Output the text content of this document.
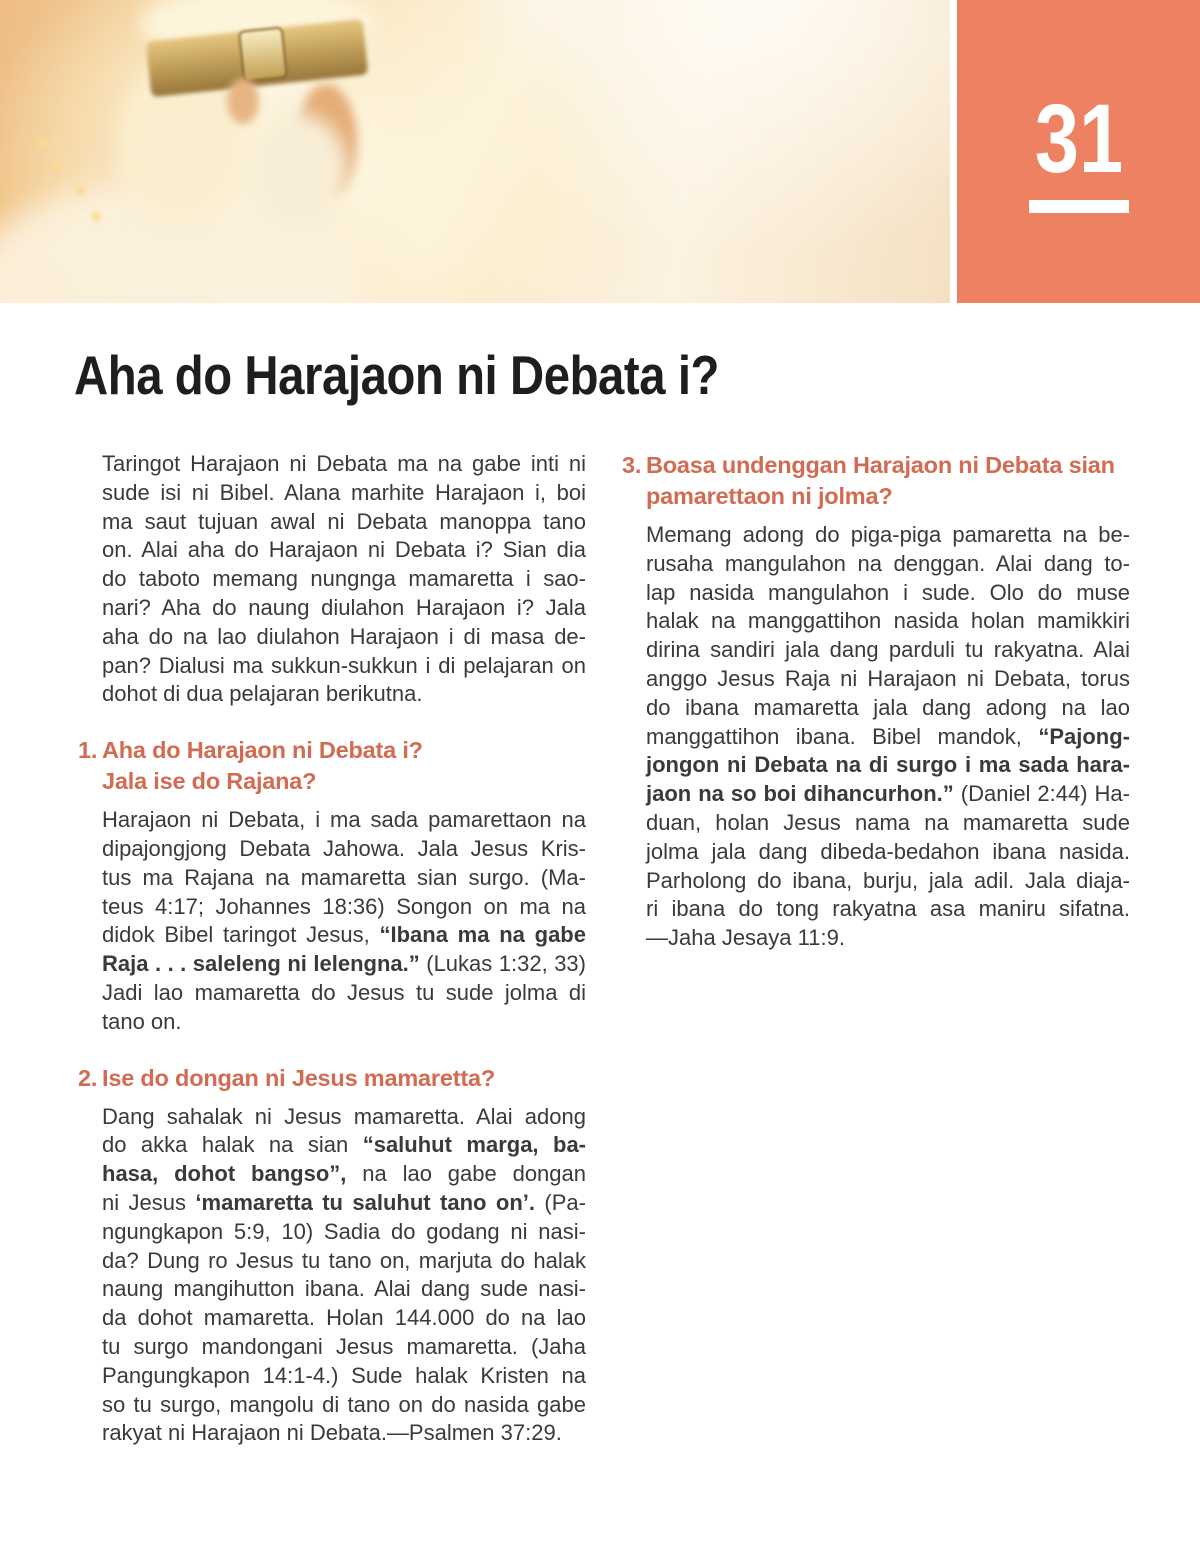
31
Aha do Harajaon ni Debata i?
Taringot Harajaon ni Debata ma na gabe inti ni
sude isi ni Bibel. Alana marhite Harajaon i, boi
ma saut tujuan awal ni Debata manoppa tano
on. Alai aha do Harajaon ni Debata i? Sian dia
do taboto memang nungnga mamaretta i sao-
nari? Aha do naung diulahon Harajaon i? Jala
aha do na lao diulahon Harajaon i di masa de-
pan? Dialusi ma sukkun-sukkun i di pelajaran on
dohot di dua pelajaran berikutna.
1. Aha do Harajaon ni Debata i?
Jala ise do Rajana?
Harajaon ni Debata, i ma sada pamarettaon na
dipajongjong Debata Jahowa. Jala Jesus Kris-
tus ma Rajana na mamaretta sian surgo. (Ma-
teus 4:17; Johannes 18:36) Songon on ma na
didok Bibel taringot Jesus, “Ibana ma na gabe
Raja . . . saleleng ni lelengna.” (Lukas 1:32, 33)
Jadi lao mamaretta do Jesus tu sude jolma di
tano on.
2. Ise do dongan ni Jesus mamaretta?
Dang sahalak ni Jesus mamaretta. Alai adong
do akka halak na sian “saluhut marga, ba-
hasa, dohot bangso”, na lao gabe dongan
ni Jesus ‘mamaretta tu saluhut tano on’. (Pa-
ngungkapon 5:9, 10) Sadia do godang ni nasi-
da? Dung ro Jesus tu tano on, marjuta do halak
naung mangihutton ibana. Alai dang sude nasi-
da dohot mamaretta. Holan 144.000 do na lao
tu surgo mandongani Jesus mamaretta. (Jaha
Pangungkapon 14:1-4.) Sude halak Kristen na
so tu surgo, mangolu di tano on do nasida gabe
rakyat ni Harajaon ni Debata.—Psalmen 37:29.
3. Boasa undenggan Harajaon ni Debata sian
pamarettaon ni jolma?
Memang adong do piga-piga pamaretta na be-
rusaha mangulahon na denggan. Alai dang to-
lap nasida mangulahon i sude. Olo do muse
halak na manggattihon nasida holan mamikkiri
dirina sandiri jala dang parduli tu rakyatna. Alai
anggo Jesus Raja ni Harajaon ni Debata, torus
do ibana mamaretta jala dang adong na lao
manggattihon ibana. Bibel mandok, “Pajong-
jongon ni Debata na di surgo i ma sada hara-
jaon na so boi dihancurhon.” (Daniel 2:44) Ha-
duan, holan Jesus nama na mamaretta sude
jolma jala dang dibeda-bedahon ibana nasida.
Parholong do ibana, burju, jala adil. Jala diaja-
ri ibana do tong rakyatna asa maniru sifatna.
—Jaha Jesaya 11:9.
